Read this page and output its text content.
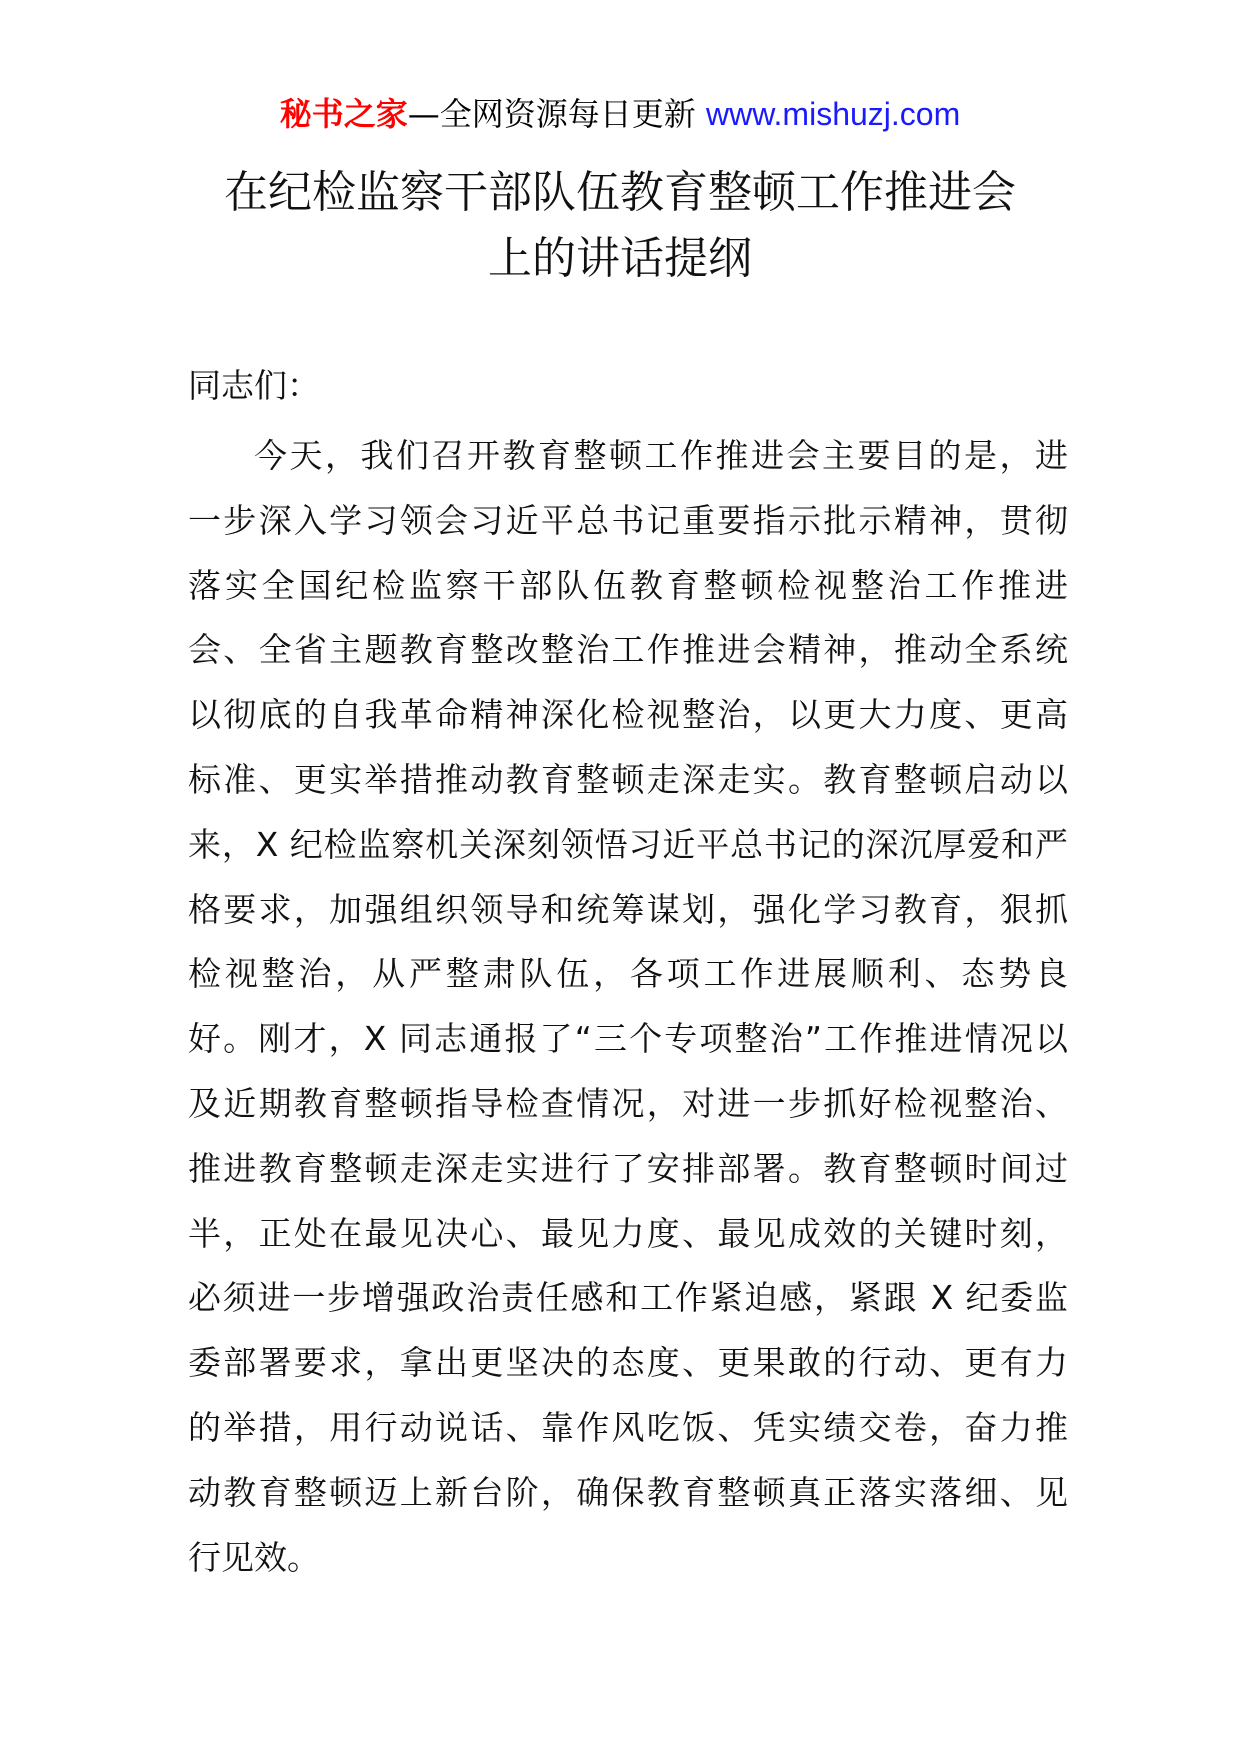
秘书之家—全网资源每日更新 www.mishuzj.com
在纪检监察干部队伍教育整顿工作推进会
上的讲话提纲
同志们：
今天，我们召开教育整顿工作推进会主要目的是，进
一步深入学习领会习近平总书记重要指示批示精神，贯彻
落实全国纪检监察干部队伍教育整顿检视整治工作推进
会、全省主题教育整改整治工作推进会精神，推动全系统
以彻底的自我革命精神深化检视整治，以更大力度、更高
标准、更实举措推动教育整顿走深走实。教育整顿启动以
来，X 纪检监察机关深刻领悟习近平总书记的深沉厚爱和严
格要求，加强组织领导和统筹谋划，强化学习教育，狠抓
检视整治，从严整肃队伍，各项工作进展顺利、态势良
好。刚才，X 同志通报了“三个专项整治”工作推进情况以
及近期教育整顿指导检查情况，对进一步抓好检视整治、
推进教育整顿走深走实进行了安排部署。教育整顿时间过
半，正处在最见决心、最见力度、最见成效的关键时刻，
必须进一步增强政治责任感和工作紧迫感，紧跟 X 纪委监
委部署要求，拿出更坚决的态度、更果敢的行动、更有力
的举措，用行动说话、靠作风吃饭、凭实绩交卷，奋力推
动教育整顿迈上新台阶，确保教育整顿真正落实落细、见
行见效。
